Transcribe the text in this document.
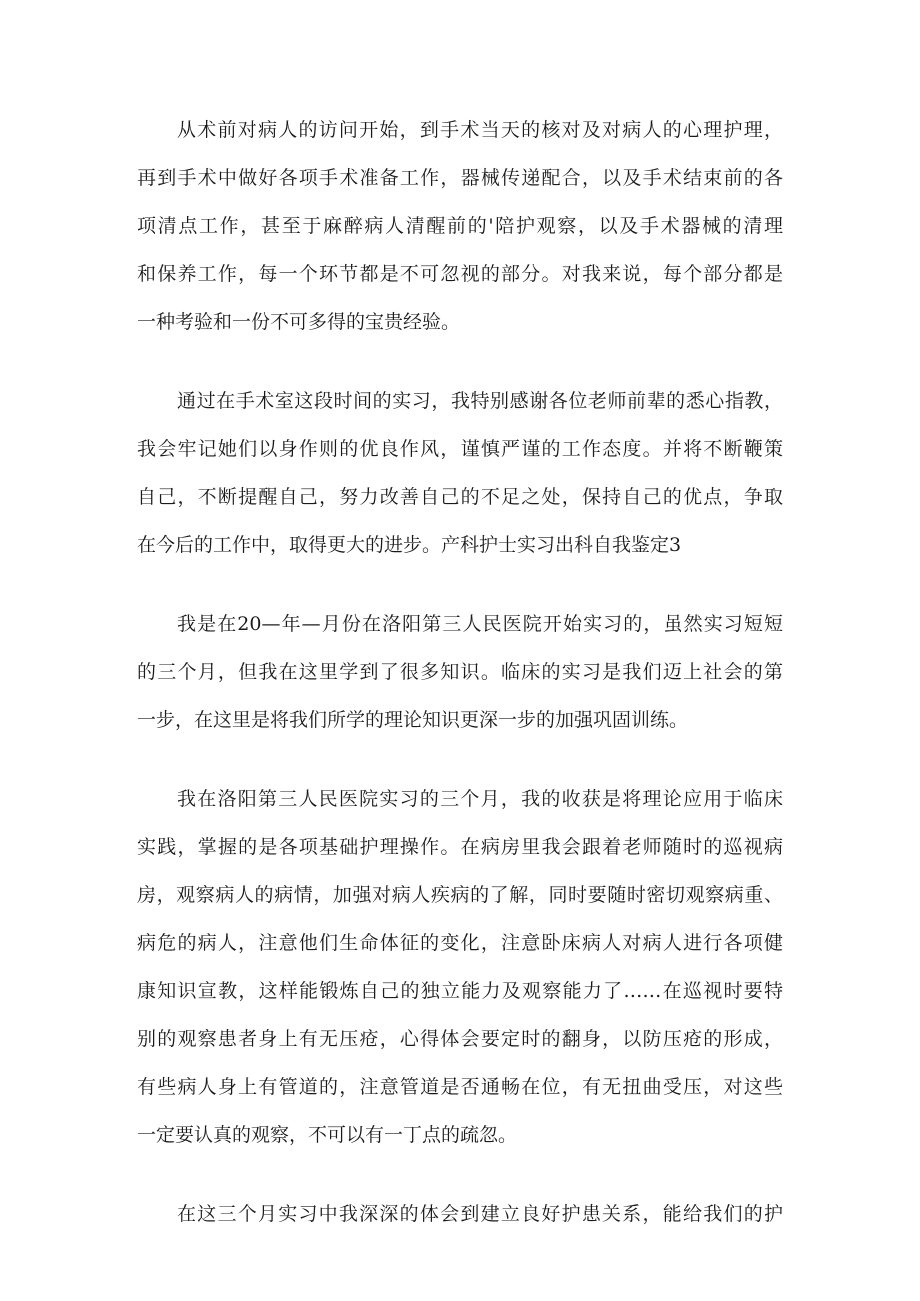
从术前对病人的访问开始，到手术当天的核对及对病人的心理护理，
再到手术中做好各项手术准备工作，器械传递配合，以及手术结束前的各
项清点工作，甚至于麻醉病人清醒前的'陪护观察，以及手术器械的清理
和保养工作，每一个环节都是不可忽视的部分。对我来说，每个部分都是
一种考验和一份不可多得的宝贵经验。
通过在手术室这段时间的实习，我特别感谢各位老师前辈的悉心指教，
我会牢记她们以身作则的优良作风，谨慎严谨的工作态度。并将不断鞭策
自己，不断提醒自己，努力改善自己的不足之处，保持自己的优点，争取
在今后的工作中，取得更大的进步。产科护士实习出科自我鉴定3
我是在20—年—月份在洛阳第三人民医院开始实习的，虽然实习短短
的三个月，但我在这里学到了很多知识。临床的实习是我们迈上社会的第
一步，在这里是将我们所学的理论知识更深一步的加强巩固训练。
我在洛阳第三人民医院实习的三个月，我的收获是将理论应用于临床
实践，掌握的是各项基础护理操作。在病房里我会跟着老师随时的巡视病
房，观察病人的病情，加强对病人疾病的了解，同时要随时密切观察病重、
病危的病人，注意他们生命体征的变化，注意卧床病人对病人进行各项健
康知识宣教，这样能锻炼自己的独立能力及观察能力了……在巡视时要特
别的观察患者身上有无压疮，心得体会要定时的翻身，以防压疮的形成，
有些病人身上有管道的，注意管道是否通畅在位，有无扭曲受压，对这些
一定要认真的观察，不可以有一丁点的疏忽。
在这三个月实习中我深深的体会到建立良好护患关系，能给我们的护
